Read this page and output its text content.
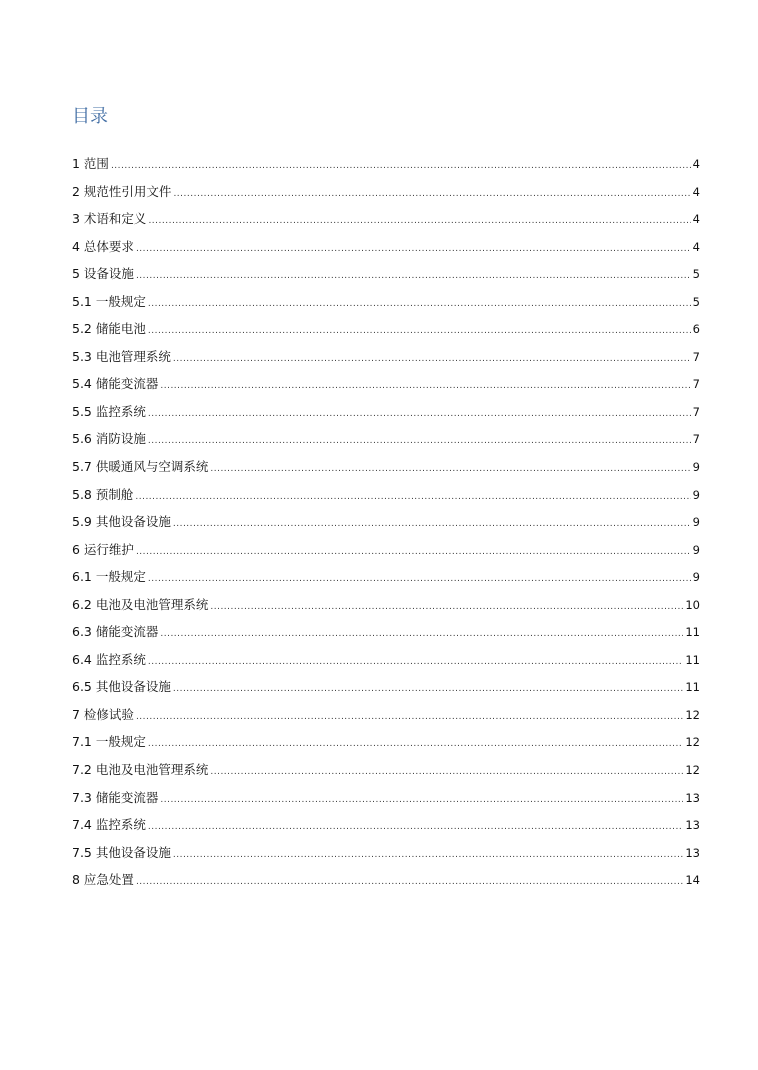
目录
1 范围 .....	4
2 规范性引用文件 .....	4
3 术语和定义 .....	4
4 总体要求 .....	4
5 设备设施 .....	5
5.1 一般规定 .....	5
5.2 储能电池 .....	6
5.3 电池管理系统 .....	7
5.4 储能变流器 .....	7
5.5 监控系统 .....	7
5.6 消防设施 .....	7
5.7 供暖通风与空调系统 .....	9
5.8 预制舱 .....	9
5.9 其他设备设施 .....	9
6 运行维护 .....	9
6.1 一般规定 .....	9
6.2 电池及电池管理系统 .....	10
6.3 储能变流器 .....	11
6.4 监控系统 .....	11
6.5 其他设备设施 .....	11
7 检修试验 .....	12
7.1 一般规定 .....	12
7.2 电池及电池管理系统 .....	12
7.3 储能变流器 .....	13
7.4 监控系统 .....	13
7.5 其他设备设施 .....	13
8 应急处置 .....	14
